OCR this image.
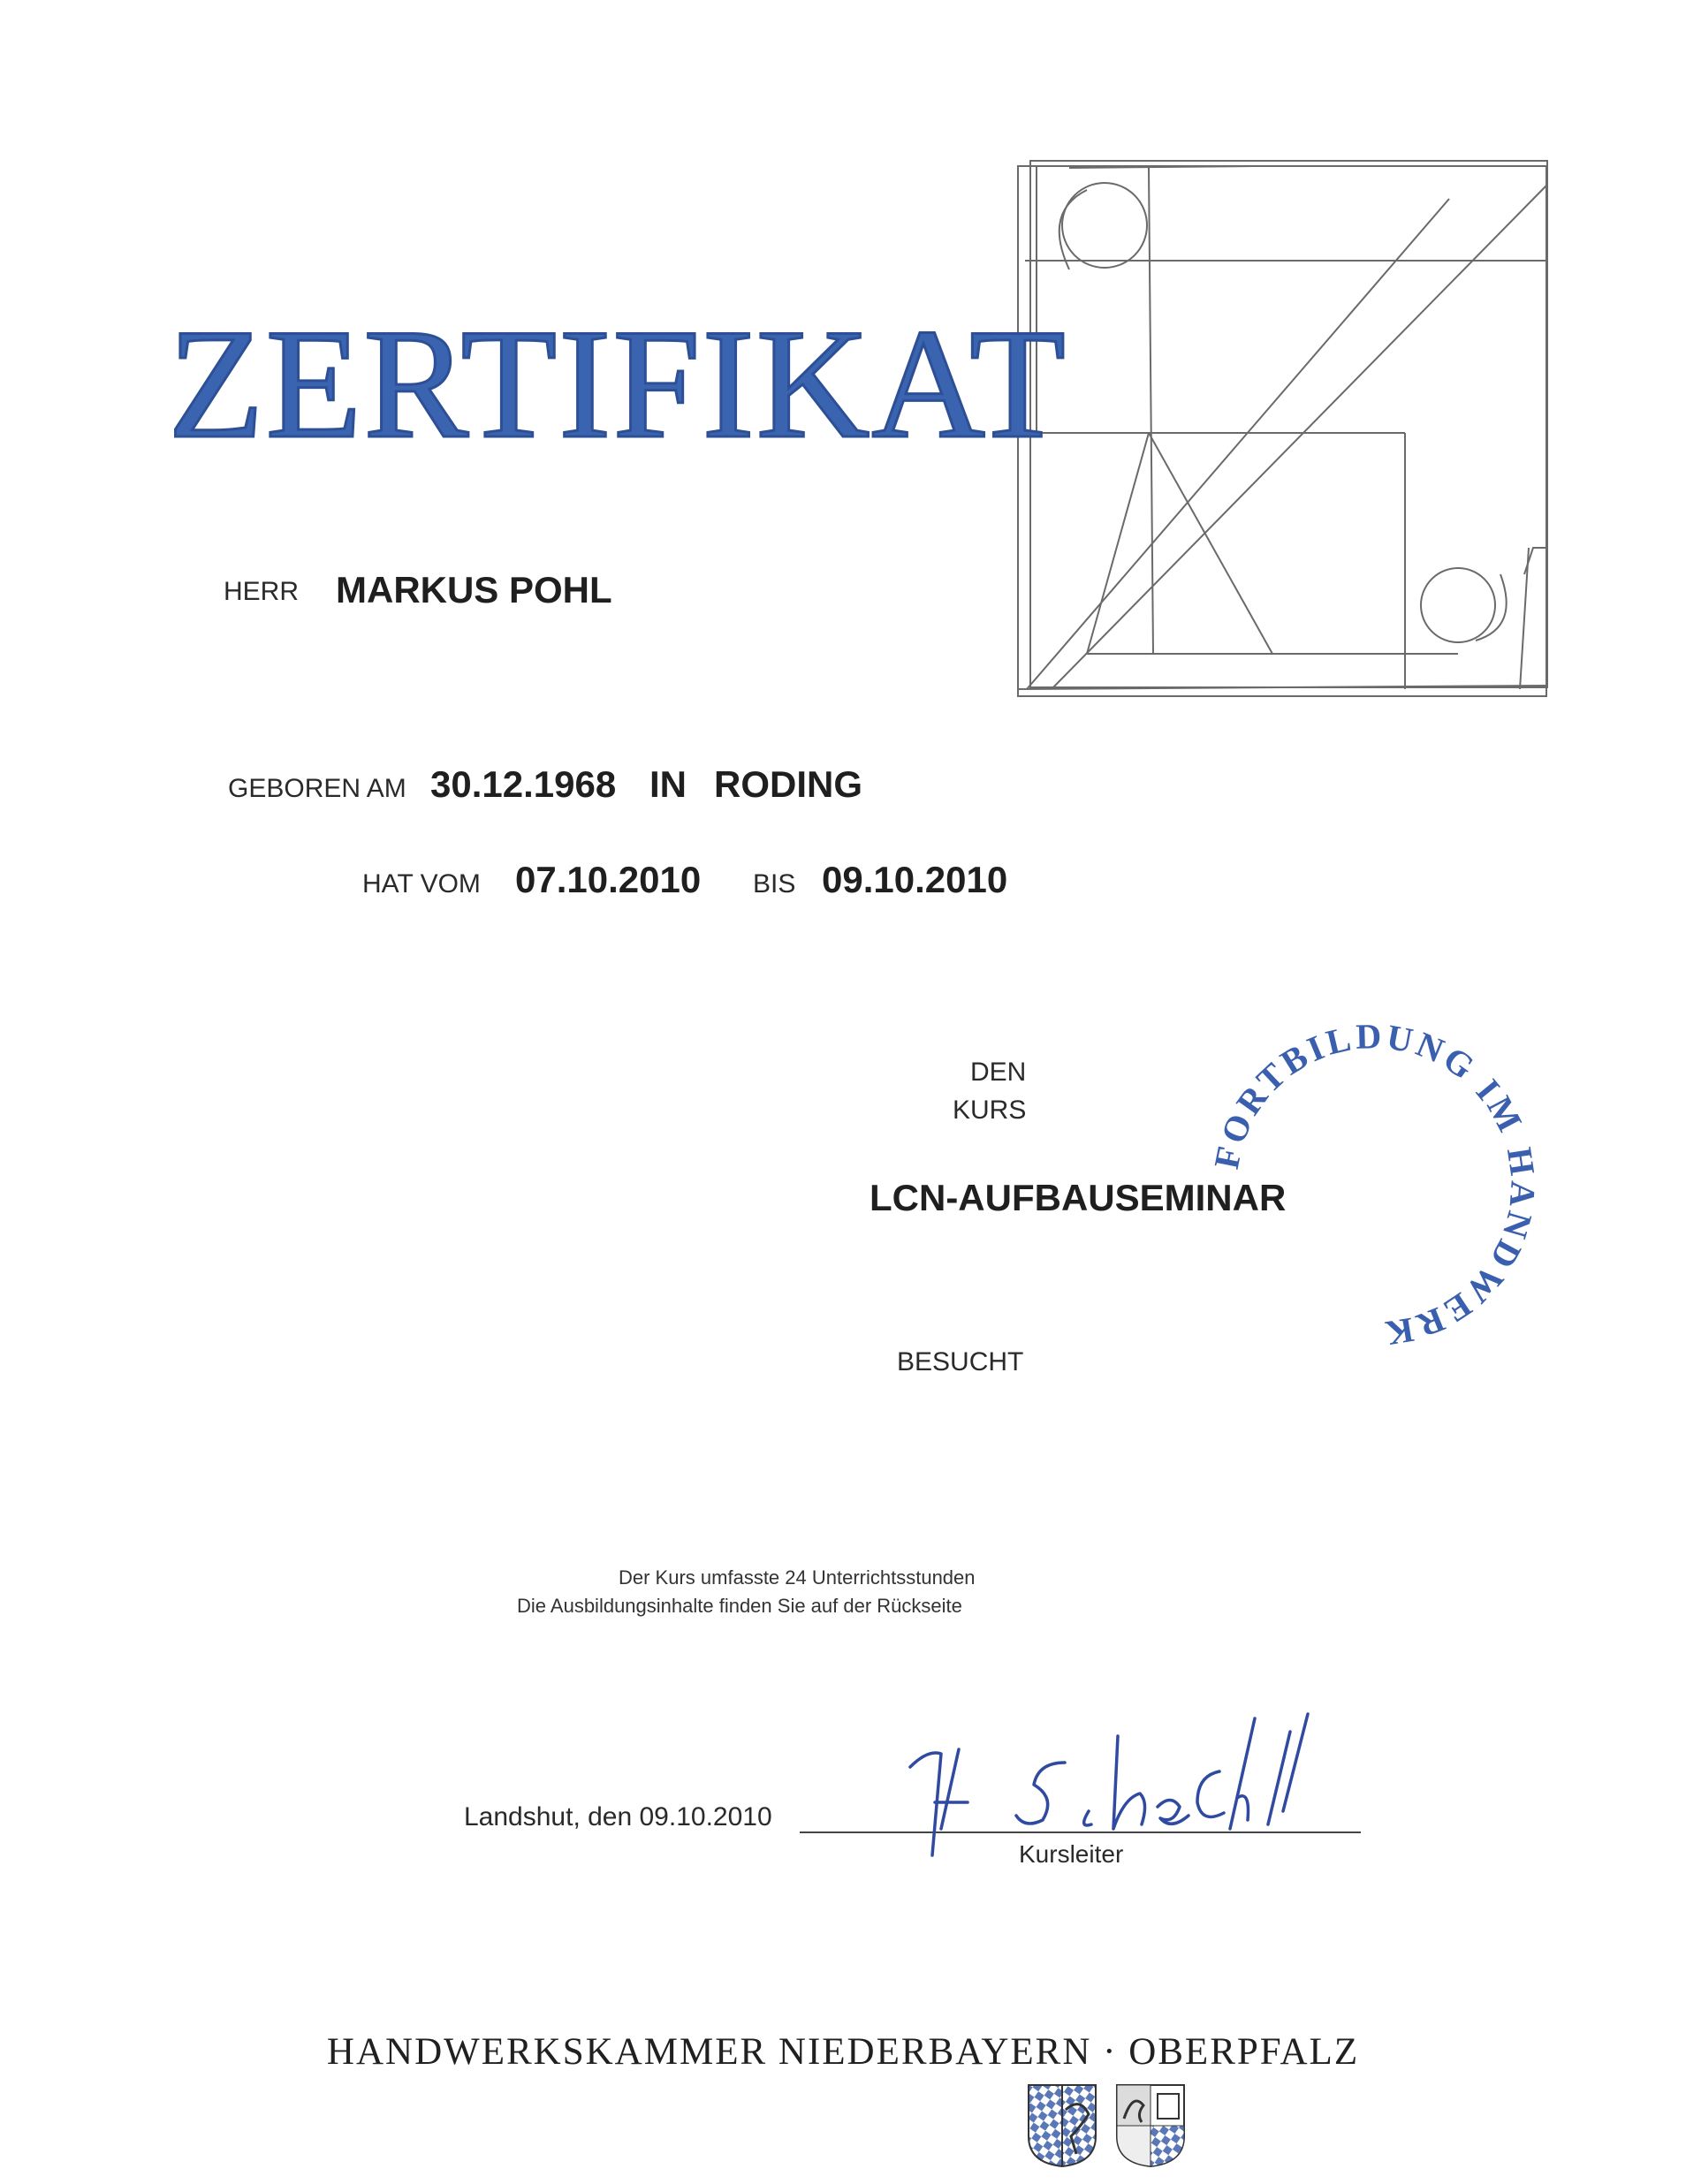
ZERTIFIKAT
HERR MARKUS POHL
GEBOREN AM 30.12.1968 IN RODING
HAT VOM 07.10.2010 BIS 09.10.2010
DEN
KURS
LCN-AUFBAUSEMINAR
BESUCHT
FORTBILDUNG IM HANDWERK
Der Kurs umfasste 24 Unterrichtsstunden
Die Ausbildungsinhalte finden Sie auf der Rückseite
Landshut, den 09.10.2010
Kursleiter
HANDWERKSKAMMER NIEDERBAYERN · OBERPFALZ
